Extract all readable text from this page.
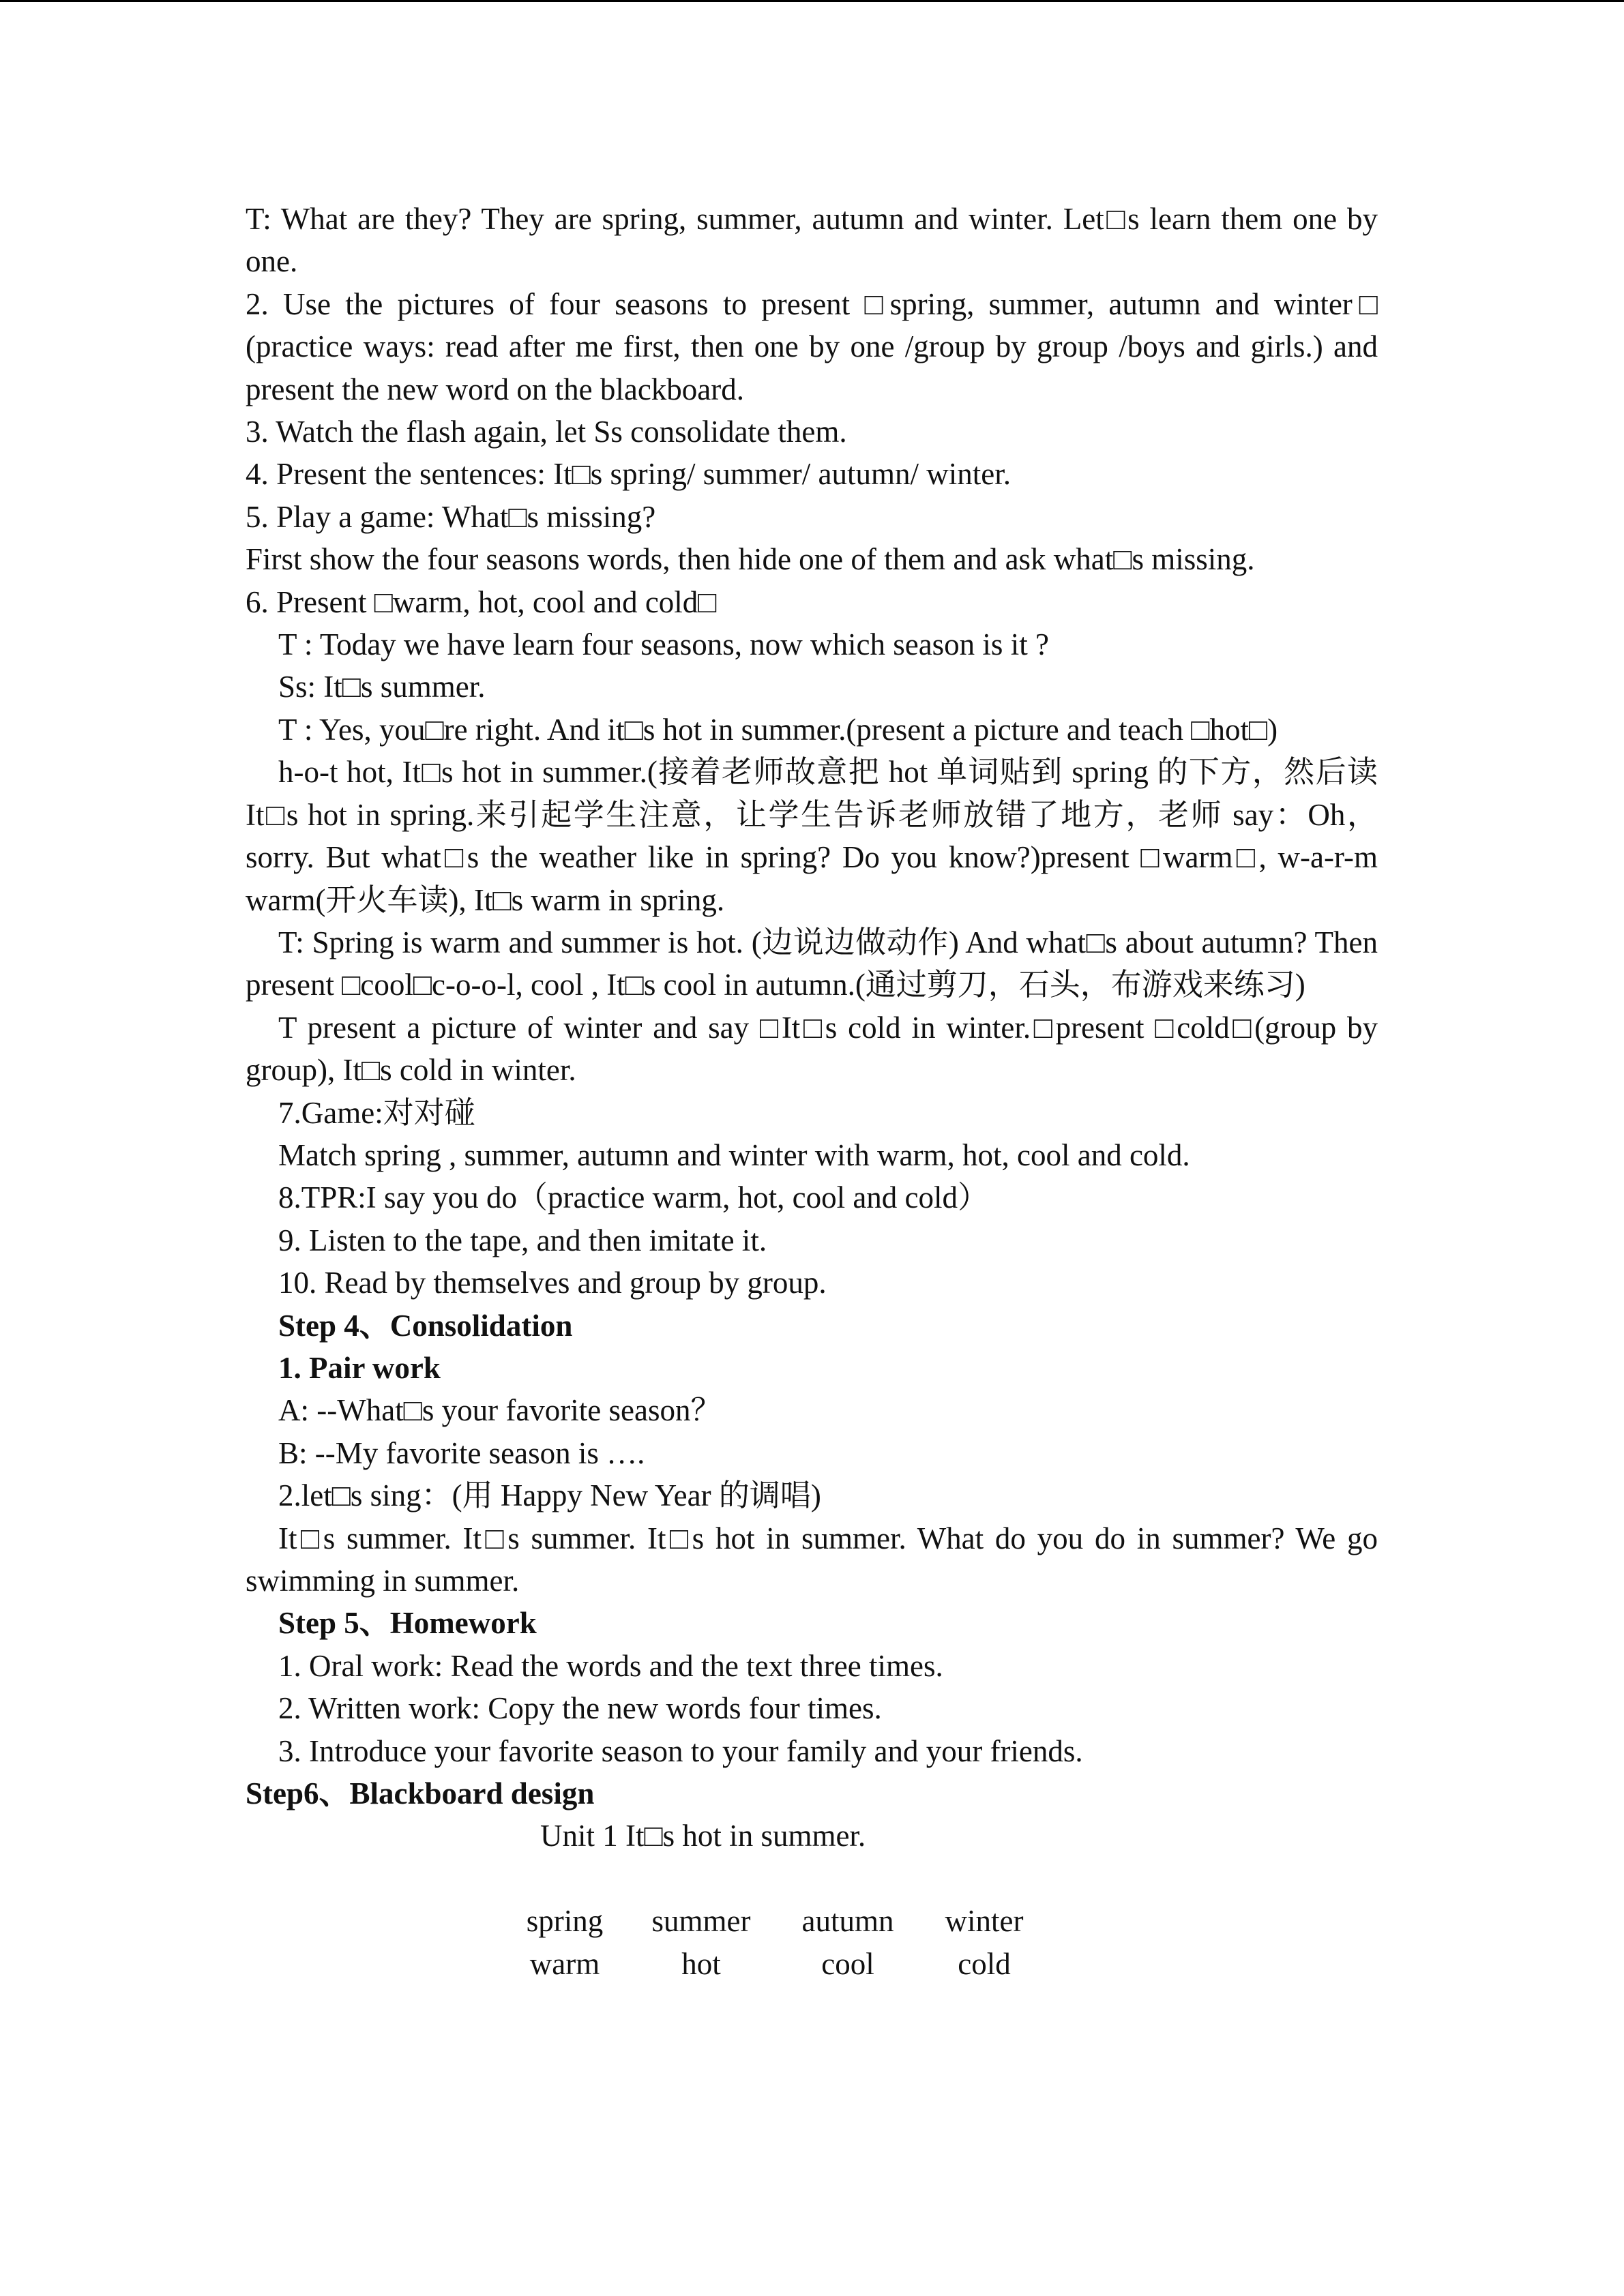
T: What are they? They are spring, summer, autumn and winter. Let□s learn them one by one.

2. Use the pictures of four seasons to present □spring, summer, autumn and winter□ (practice ways: read after me first, then one by one /group by group /boys and girls.) and present the new word on the blackboard.

3. Watch the flash again, let Ss consolidate them.

4. Present the sentences: It□s spring/ summer/ autumn/ winter.

5. Play a game: What□s missing?

First show the four seasons words, then hide one of them and ask what□s missing.

6. Present □warm, hot, cool and cold□

T : Today we have learn four seasons, now which season is it ?

Ss: It□s summer.

T : Yes, you□re right. And it□s hot in summer.(present a picture and teach □hot□)

h-o-t hot, It□s hot in summer.(接着老师故意把 hot 单词贴到 spring 的下方，然后读 It□s hot in spring.来引起学生注意，让学生告诉老师放错了地方，老师 say：Oh，sorry. But what□s the weather like in spring? Do you know?)present □warm□, w-a-r-m warm(开火车读), It□s warm in spring.

T: Spring is warm and summer is hot. (边说边做动作) And what□s about autumn? Then present □cool□c-o-o-l, cool , It□s cool in autumn.(通过剪刀，石头，布游戏来练习)

T present a picture of winter and say □It□s cold in winter.□present □cold□(group by group), It□s cold in winter.

7.Game:对对碰

Match spring , summer, autumn and winter with warm, hot, cool and cold.

8.TPR:I say you do（practice warm, hot, cool and cold）

9. Listen to the tape, and then imitate it.

10. Read by themselves and group by group.

Step 4、Consolidation

1. Pair work

A: --What□s your favorite season？

B: --My favorite season is ….

2.let□s sing：(用 Happy New Year 的调唱)

It□s summer. It□s summer. It□s hot in summer. What do you do in summer? We go swimming in summer.

Step 5、Homework

1. Oral work: Read the words and the text three times.

2. Written work: Copy the new words four times.

3. Introduce your favorite season to your family and your friends.

Step6、Blackboard design

Unit 1 It□s hot in summer.

spring	summer	autumn	winter
warm	hot	cool	cold
